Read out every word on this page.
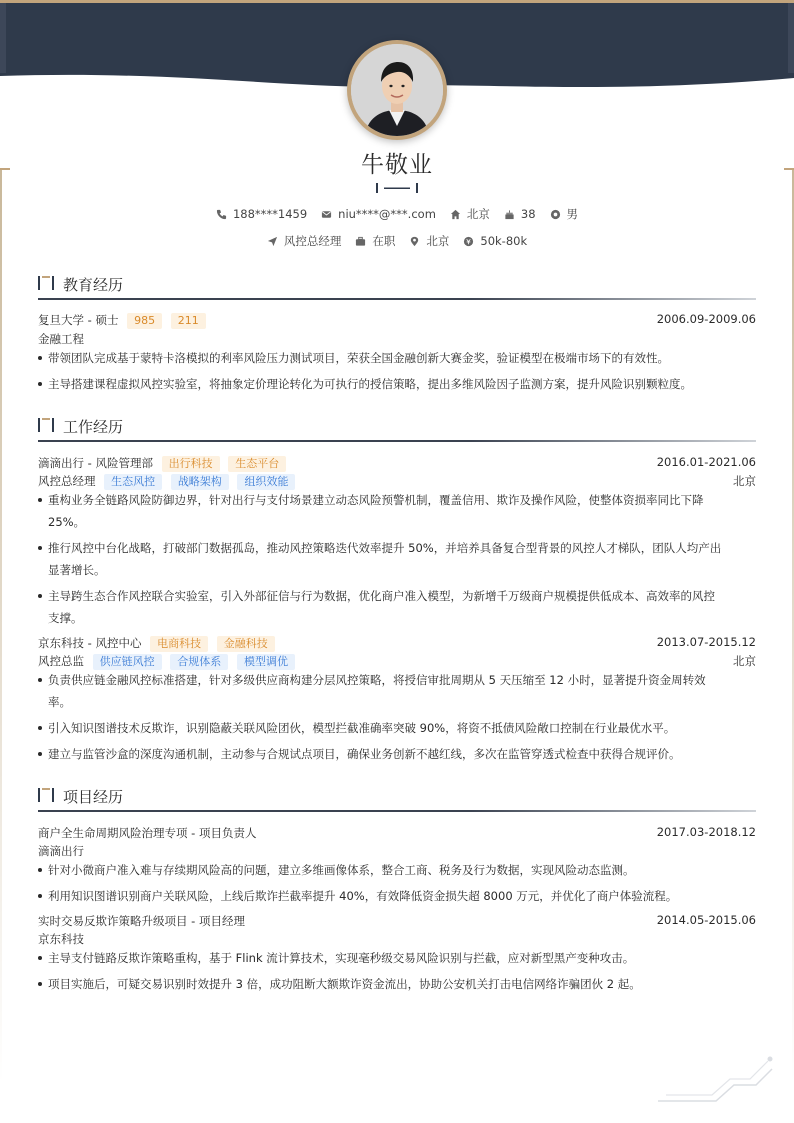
牛敬业
188****1459	niu****@***.com	北京	38	男
风控总经理	在职	北京	50k-80k
教育经历
复旦大学 - 硕士 985 211	2006.09-2009.06
金融工程
带领团队完成基于蒙特卡洛模拟的利率风险压力测试项目，荣获全国金融创新大赛金奖，验证模型在极端市场下的有效性。
主导搭建课程虚拟风控实验室，将抽象定价理论转化为可执行的授信策略，提出多维风险因子监测方案，提升风险识别颗粒度。
工作经历
滴滴出行 - 风险管理部 出行科技 生态平台	2016.01-2021.06
风控总经理 生态风控 战略架构 组织效能	北京
重构业务全链路风险防御边界，针对出行与支付场景建立动态风险预警机制，覆盖信用、欺诈及操作风险，使整体资损率同比下降
25%。
推行风控中台化战略，打破部门数据孤岛，推动风控策略迭代效率提升 50%，并培养具备复合型背景的风控人才梯队，团队人均产出
显著增长。
主导跨生态合作风控联合实验室，引入外部征信与行为数据，优化商户准入模型，为新增千万级商户规模提供低成本、高效率的风控
支撑。
京东科技 - 风控中心 电商科技 金融科技	2013.07-2015.12
风控总监 供应链风控 合规体系 模型调优	北京
负责供应链金融风控标准搭建，针对多级供应商构建分层风控策略，将授信审批周期从 5 天压缩至 12 小时，显著提升资金周转效
率。
引入知识图谱技术反欺诈，识别隐蔽关联风险团伙，模型拦截准确率突破 90%，将资不抵债风险敞口控制在行业最优水平。
建立与监管沙盒的深度沟通机制，主动参与合规试点项目，确保业务创新不越红线，多次在监管穿透式检查中获得合规评价。
项目经历
商户全生命周期风险治理专项 - 项目负责人	2017.03-2018.12
滴滴出行
针对小微商户准入难与存续期风险高的问题，建立多维画像体系，整合工商、税务及行为数据，实现风险动态监测。
利用知识图谱识别商户关联风险，上线后欺诈拦截率提升 40%，有效降低资金损失超 8000 万元，并优化了商户体验流程。
实时交易反欺诈策略升级项目 - 项目经理	2014.05-2015.06
京东科技
主导支付链路反欺诈策略重构，基于 Flink 流计算技术，实现毫秒级交易风险识别与拦截，应对新型黑产变种攻击。
项目实施后，可疑交易识别时效提升 3 倍，成功阻断大额欺诈资金流出，协助公安机关打击电信网络诈骗团伙 2 起。
